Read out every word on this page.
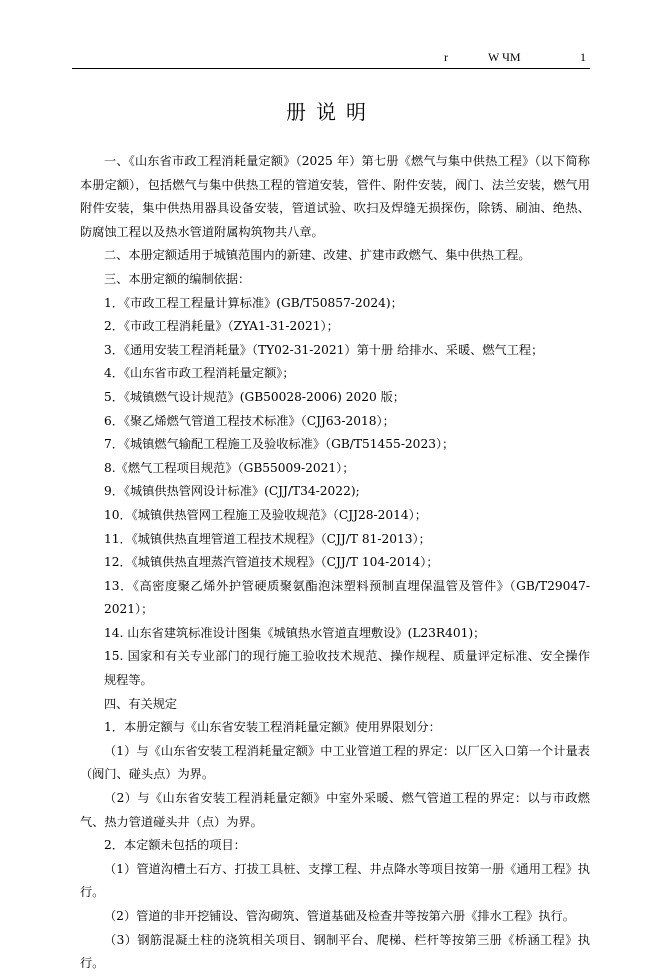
r	W ЧM	1
册说明

一、《山东省市政工程消耗量定额》（2025 年）第七册《燃气与集中供热工程》（以下简称本册定额），包括燃气与集中供热工程的管道安装，管件、附件安装，阀门、法兰安装，燃气用附件安装，集中供热用器具设备安装，管道试验、吹扫及焊缝无损探伤，除锈、刷油、绝热、防腐蚀工程以及热水管道附属构筑物共八章。

二、本册定额适用于城镇范围内的新建、改建、扩建市政燃气、集中供热工程。

三、本册定额的编制依据：

1．《市政工程工程量计算标准》(GB/T50857-2024)；

2．《市政工程消耗量》（ZYA1-31-2021）；

3．《通用安装工程消耗量》（TY02-31-2021）第十册 给排水、采暖、燃气工程；

4．《山东省市政工程消耗量定额》；

5．《城镇燃气设计规范》(GB50028-2006) 2020 版；

6．《聚乙烯燃气管道工程技术标准》（CJJ63-2018）；

7．《城镇燃气输配工程施工及验收标准》（GB/T51455-2023）；

8.《燃气工程项目规范》（GB55009-2021）；

9．《城镇供热管网设计标准》(CJJ/T34-2022);

10．《城镇供热管网工程施工及验收规范》（CJJ28-2014）；

11．《城镇供热直埋管道工程技术规程》（CJJ/T 81-2013）；

12．《城镇供热直埋蒸汽管道技术规程》（CJJ/T 104-2014）；

13．《高密度聚乙烯外护管硬质聚氨酯泡沫塑料预制直埋保温管及管件》（GB/T29047-2021）；

14. 山东省建筑标准设计图集《城镇热水管道直埋敷设》(L23R401)；

15. 国家和有关专业部门的现行施工验收技术规范、操作规程、质量评定标准、安全操作规程等。

四、有关规定

1．本册定额与《山东省安装工程消耗量定额》使用界限划分：

（1）与《山东省安装工程消耗量定额》中工业管道工程的界定：以厂区入口第一个计量表（阀门、碰头点）为界。

（2）与《山东省安装工程消耗量定额》中室外采暖、燃气管道工程的界定：以与市政燃气、热力管道碰头井（点）为界。

2．本定额未包括的项目：

（1）管道沟槽土石方、打拔工具桩、支撑工程、井点降水等项目按第一册《通用工程》执行。

（2）管道的非开挖铺设、管沟砌筑、管道基础及检查井等按第六册《排水工程》执行。

（3）钢筋混凝土柱的浇筑相关项目、钢制平台、爬梯、栏杆等按第三册《桥涵工程》执行。
